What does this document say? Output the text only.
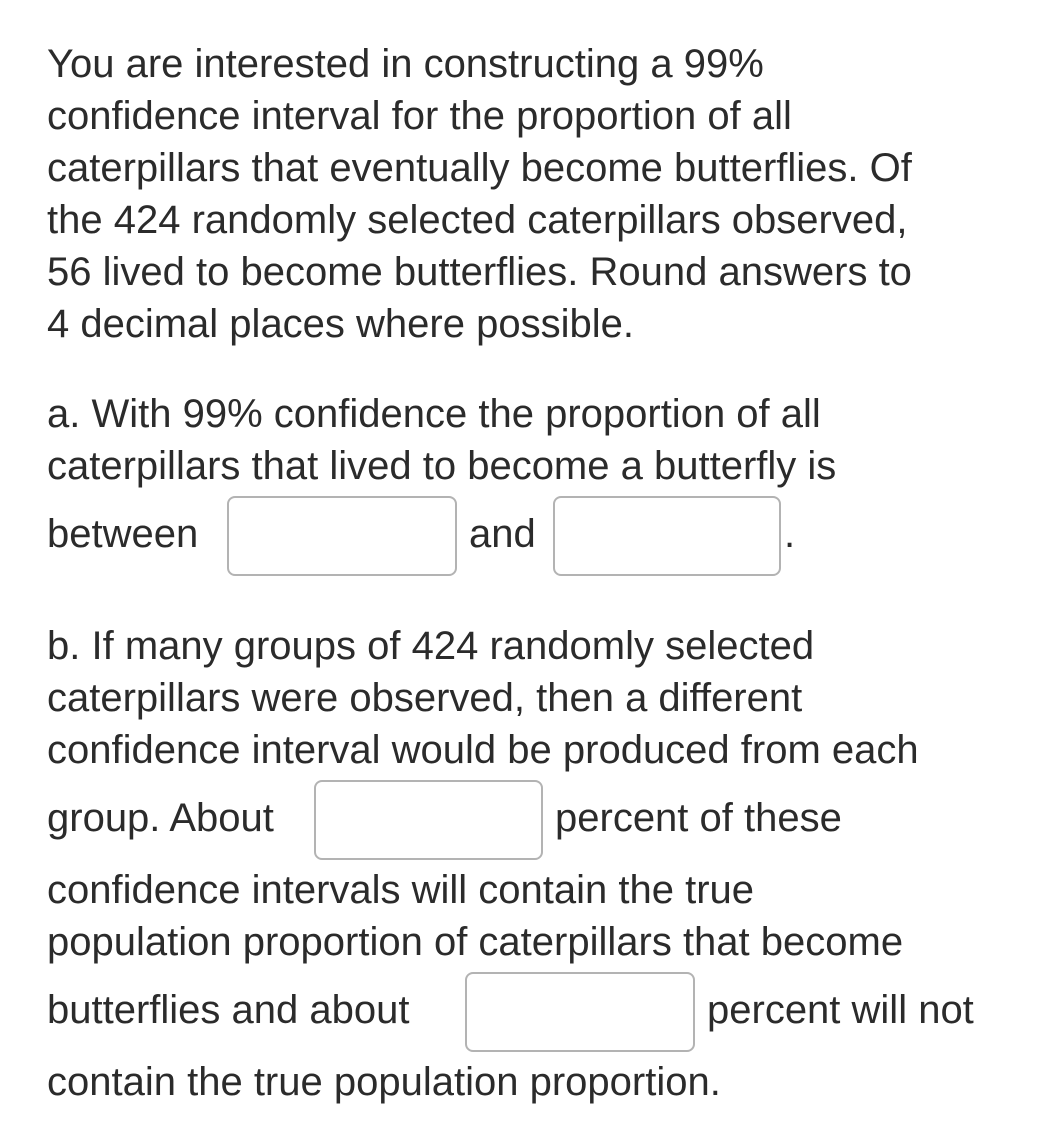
You are interested in constructing a 99%
confidence interval for the proportion of all
caterpillars that eventually become butterflies. Of
the 424 randomly selected caterpillars observed,
56 lived to become butterflies. Round answers to
4 decimal places where possible.
a. With 99% confidence the proportion of all
caterpillars that lived to become a butterfly is
between	and	.
b. If many groups of 424 randomly selected
caterpillars were observed, then a different
confidence interval would be produced from each
group. About	percent of these
confidence intervals will contain the true
population proportion of caterpillars that become
butterflies and about	percent will not
contain the true population proportion.
